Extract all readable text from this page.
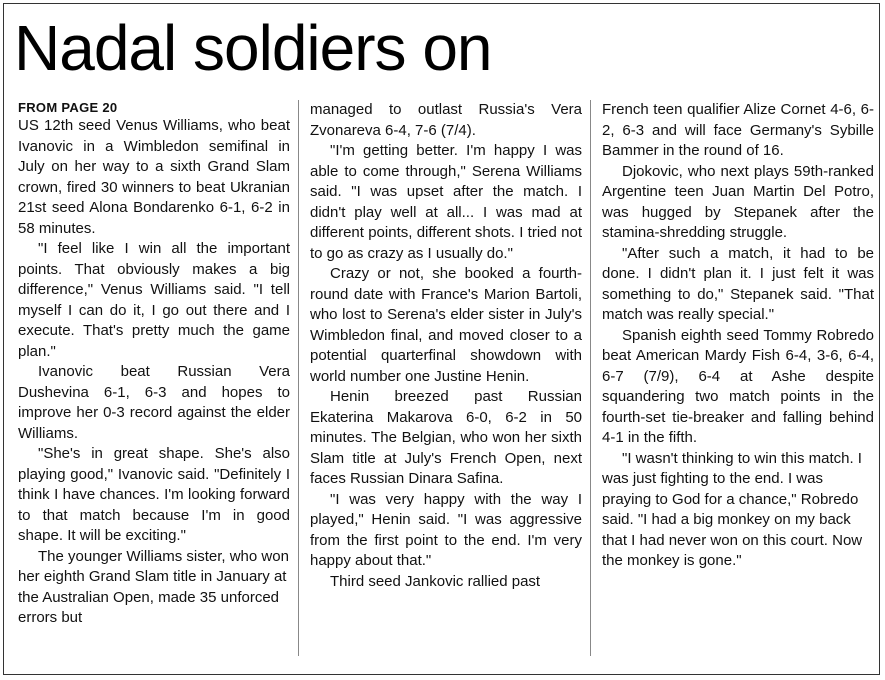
Nadal soldiers on
FROM PAGE 20

US 12th seed Venus Williams, who beat Ivanovic in a Wimbledon semifinal in July on her way to a sixth Grand Slam crown, fired 30 winners to beat Ukranian 21st seed Alona Bondarenko 6-1, 6-2 in 58 minutes.

"I feel like I win all the important points. That obviously makes a big difference," Venus Williams said. "I tell myself I can do it, I go out there and I execute. That's pretty much the game plan."

Ivanovic beat Russian Vera Dushevina 6-1, 6-3 and hopes to improve her 0-3 record against the elder Williams.

"She's in great shape. She's also playing good," Ivanovic said. "Definitely I think I have chances. I'm looking forward to that match because I'm in good shape. It will be exciting."

The younger Williams sister, who won her eighth Grand Slam title in January at the Australian Open, made 35 unforced errors but

managed to outlast Russia's Vera Zvonareva 6-4, 7-6 (7/4).

"I'm getting better. I'm happy I was able to come through," Serena Williams said. "I was upset after the match. I didn't play well at all... I was mad at different points, different shots. I tried not to go as crazy as I usually do."

Crazy or not, she booked a fourth-round date with France's Marion Bartoli, who lost to Serena's elder sister in July's Wimbledon final, and moved closer to a potential quarterfinal showdown with world number one Justine Henin.

Henin breezed past Russian Ekaterina Makarova 6-0, 6-2 in 50 minutes. The Belgian, who won her sixth Slam title at July's French Open, next faces Russian Dinara Safina.

"I was very happy with the way I played," Henin said. "I was aggressive from the first point to the end. I'm very happy about that."

Third seed Jankovic rallied past

French teen qualifier Alize Cornet 4-6, 6-2, 6-3 and will face Germany's Sybille Bammer in the round of 16.

Djokovic, who next plays 59th-ranked Argentine teen Juan Martin Del Potro, was hugged by Stepanek after the stamina-shredding struggle.

"After such a match, it had to be done. I didn't plan it. I just felt it was something to do," Stepanek said. "That match was really special."

Spanish eighth seed Tommy Robredo beat American Mardy Fish 6-4, 3-6, 6-4, 6-7 (7/9), 6-4 at Ashe despite squandering two match points in the fourth-set tie-breaker and falling behind 4-1 in the fifth.

"I wasn't thinking to win this match. I was just fighting to the end. I was praying to God for a chance," Robredo said. "I had a big monkey on my back that I had never won on this court. Now the monkey is gone."
